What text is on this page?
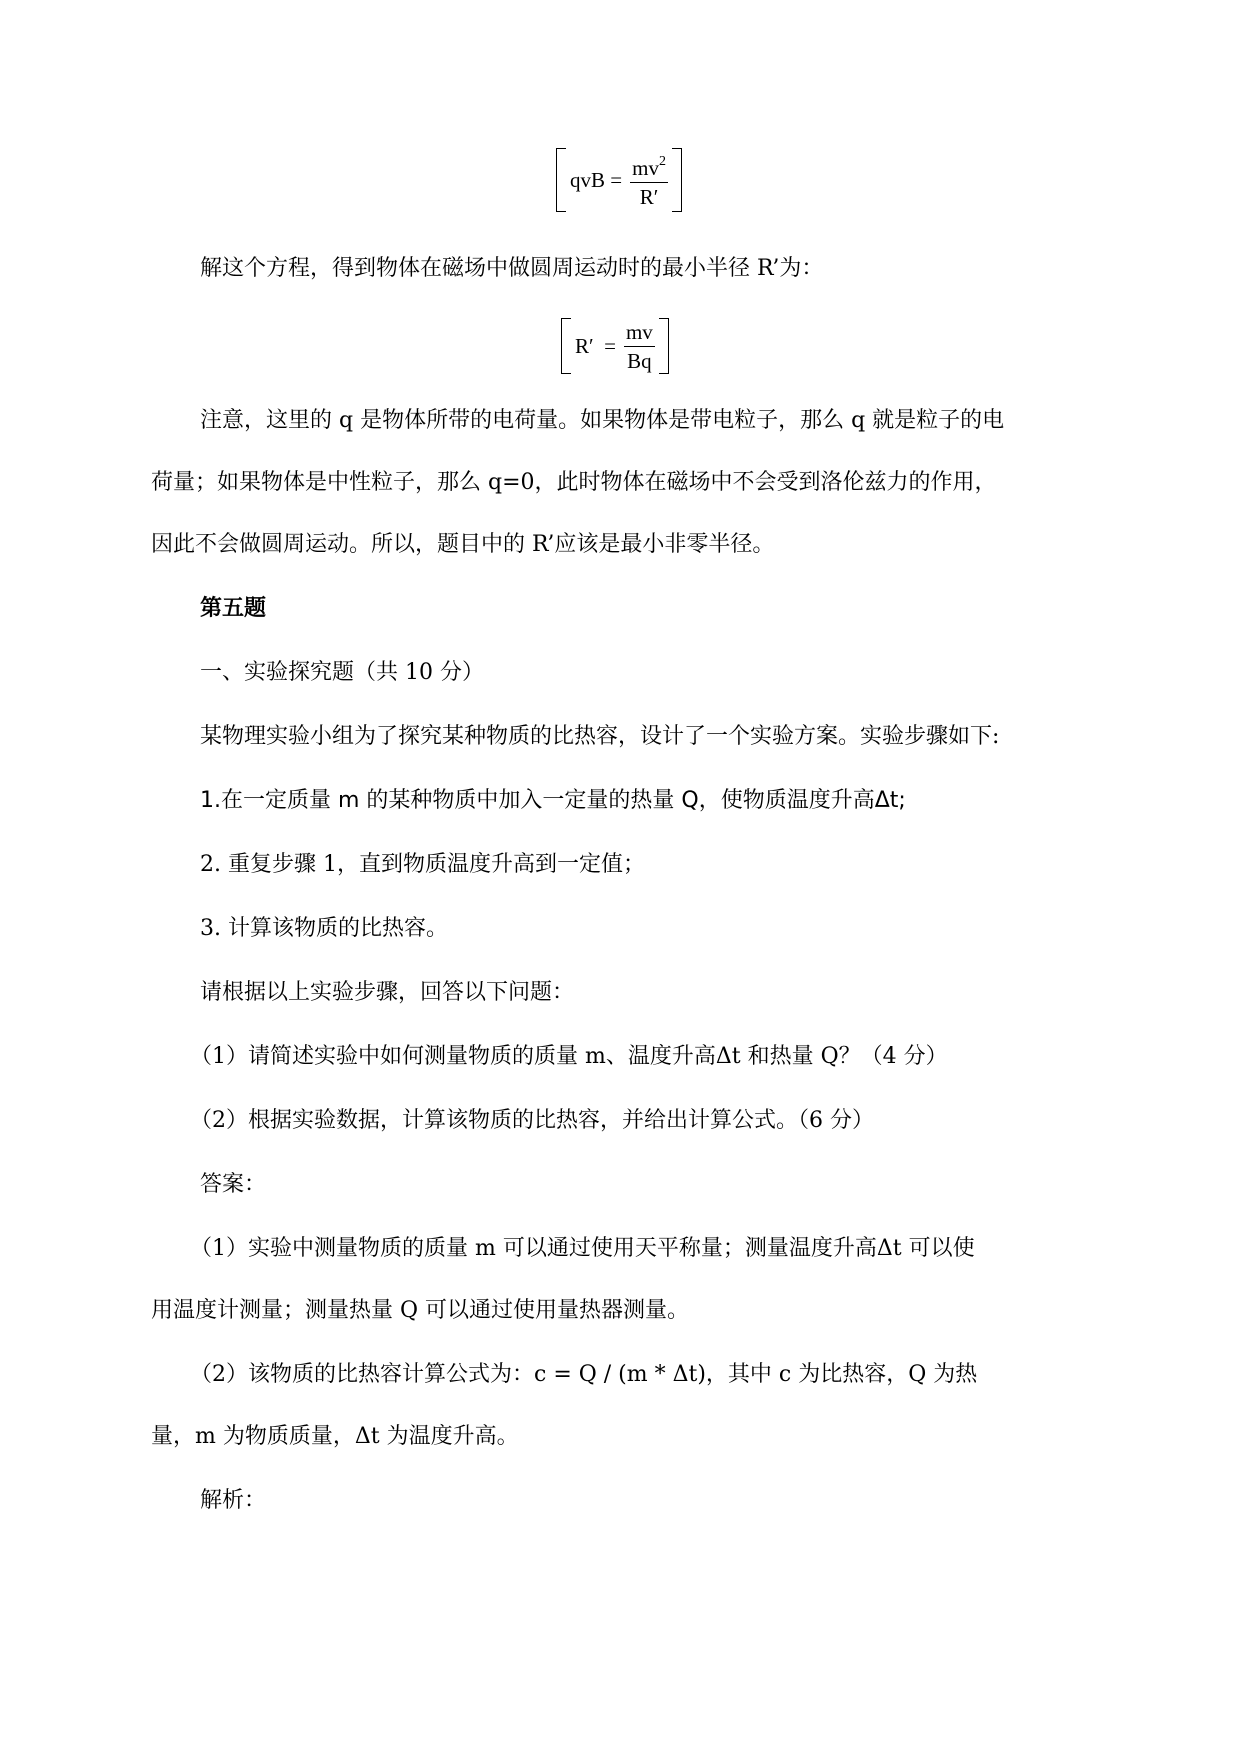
qvB = $\frac{mv^2}{R'}$
解这个方程，得到物体在磁场中做圆周运动时的最小半径 R’为：
$R' = \frac{mv}{Bq}$
注意，这里的 q 是物体所带的电荷量。如果物体是带电粒子，那么 q 就是粒子的电
荷量；如果物体是中性粒子，那么 q=0，此时物体在磁场中不会受到洛伦兹力的作用，
因此不会做圆周运动。所以，题目中的 R’应该是最小非零半径。
第五题
一、实验探究题（共 10 分）
某物理实验小组为了探究某种物质的比热容，设计了一个实验方案。实验步骤如下:
1.在一定质量 m 的某种物质中加入一定量的热量 Q，使物质温度升高Δt;
2. 重复步骤 1，直到物质温度升高到一定值；
3. 计算该物质的比热容。
请根据以上实验步骤，回答以下问题：
（1）请简述实验中如何测量物质的质量 m、温度升高Δt 和热量 Q？（4 分）
（2）根据实验数据，计算该物质的比热容，并给出计算公式。（6 分）
答案：
（1）实验中测量物质的质量 m 可以通过使用天平称量；测量温度升高Δt 可以使
用温度计测量；测量热量 Q 可以通过使用量热器测量。
（2）该物质的比热容计算公式为：c = Q / (m * Δt)，其中 c 为比热容，Q 为热
量，m 为物质质量，Δt 为温度升高。
解析：
